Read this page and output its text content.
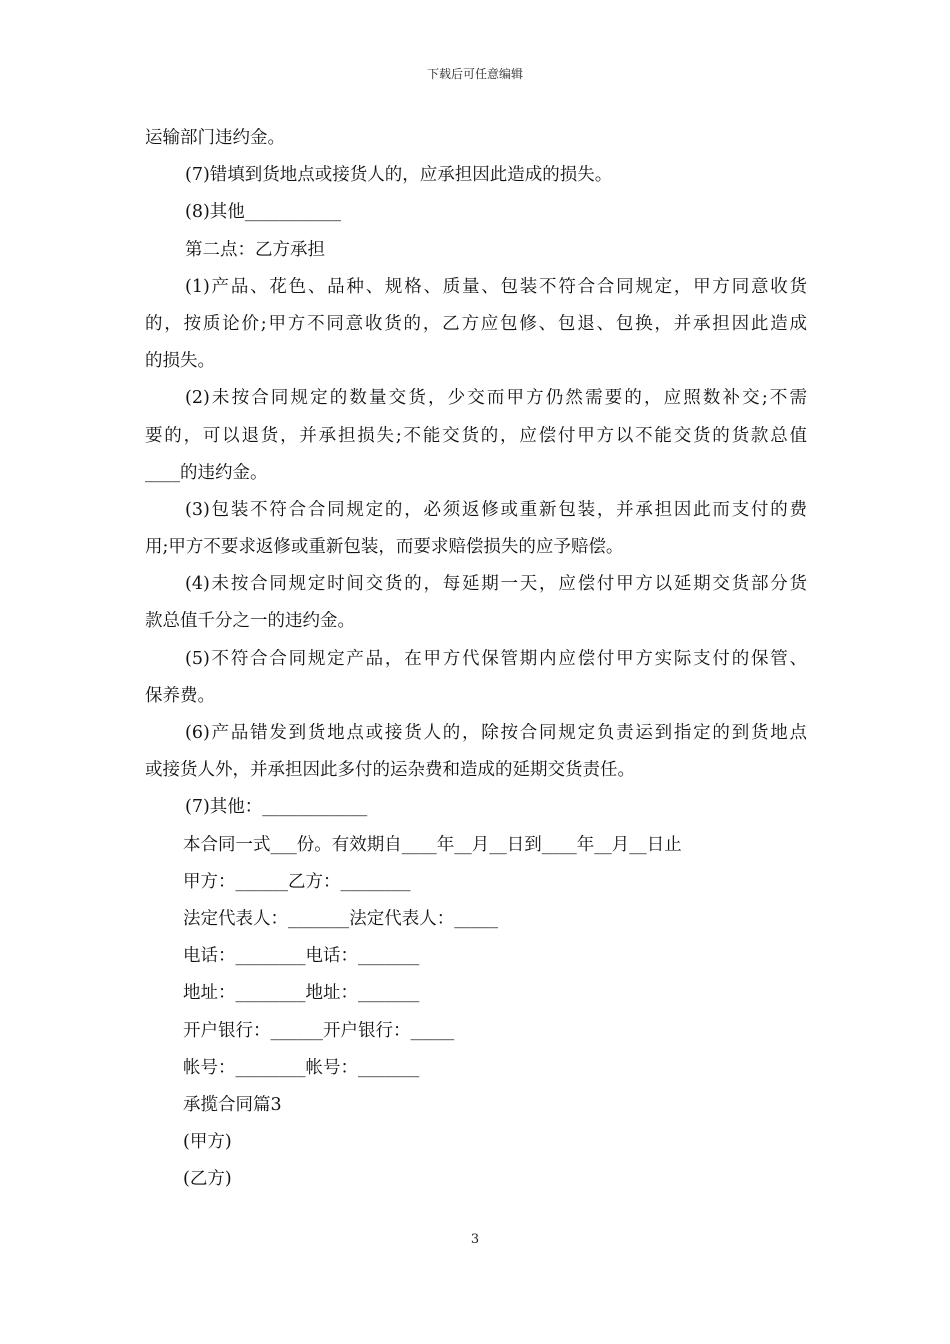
下载后可任意编辑
运输部门违约金。
(7)错填到货地点或接货人的，应承担因此造成的损失。
(8)其他___________
第二点：乙方承担
(1)产品、花色、品种、规格、质量、包装不符合合同规定，甲方同意收货
的，按质论价;甲方不同意收货的，乙方应包修、包退、包换，并承担因此造成
的损失。
(2)未按合同规定的数量交货，少交而甲方仍然需要的，应照数补交;不需
要的，可以退货，并承担损失;不能交货的，应偿付甲方以不能交货的货款总值
____的违约金。
(3)包装不符合合同规定的，必须返修或重新包装，并承担因此而支付的费
用;甲方不要求返修或重新包装，而要求赔偿损失的应予赔偿。
(4)未按合同规定时间交货的，每延期一天，应偿付甲方以延期交货部分货
款总值千分之一的违约金。
(5)不符合合同规定产品，在甲方代保管期内应偿付甲方实际支付的保管、
保养费。
(6)产品错发到货地点或接货人的，除按合同规定负责运到指定的到货地点
或接货人外，并承担因此多付的运杂费和造成的延期交货责任。
(7)其他：____________
本合同一式___份。有效期自____年__月__日到____年__月__日止
甲方：______乙方：________
法定代表人：_______法定代表人：_____
电话：________电话：_______
地址：________地址：_______
开户银行：______开户银行：_____
帐号：________帐号：_______
承揽合同篇3
(甲方)
(乙方)
3
